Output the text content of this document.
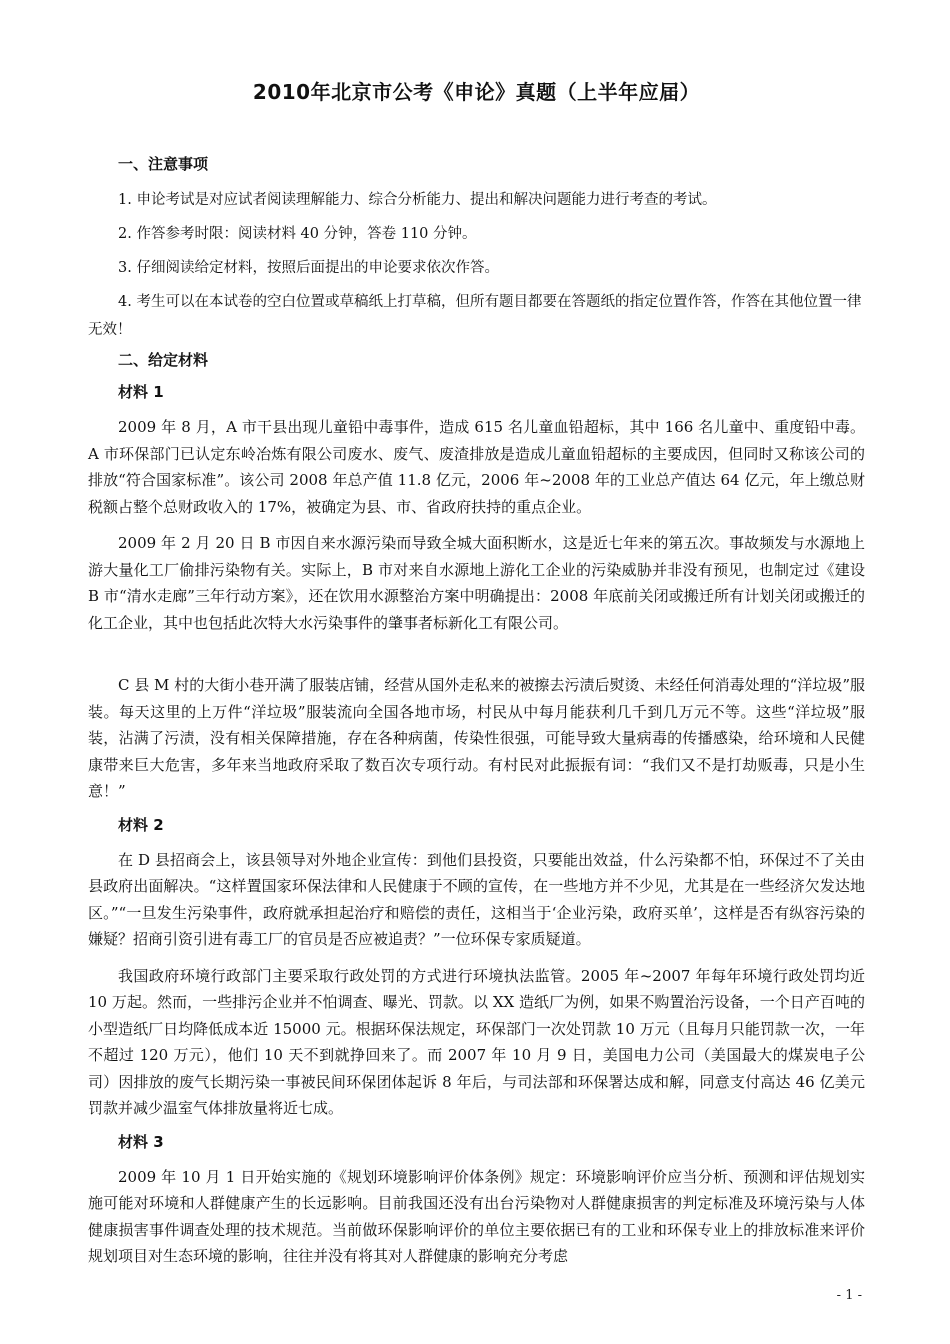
2010年北京市公考《申论》真题（上半年应届）
一、注意事项

1. 申论考试是对应试者阅读理解能力、综合分析能力、提出和解决问题能力进行考查的考试。

2. 作答参考时限：阅读材料 40 分钟，答卷 110 分钟。

3. 仔细阅读给定材料，按照后面提出的申论要求依次作答。

4. 考生可以在本试卷的空白位置或草稿纸上打草稿，但所有题目都要在答题纸的指定位置作答，作答在其他位置一律无效！

二、给定材料
材料 1

2009 年 8 月，A 市干县出现儿童铅中毒事件，造成 615 名儿童血铅超标，其中 166 名儿童中、重度铅中毒。A 市环保部门已认定东岭冶炼有限公司废水、废气、废渣排放是造成儿童血铅超标的主要成因，但同时又称该公司的排放“符合国家标准”。该公司 2008 年总产值 11.8 亿元，2006 年~2008 年的工业总产值达 64 亿元，年上缴总财税额占整个总财政收入的 17%，被确定为县、市、省政府扶持的重点企业。

2009 年 2 月 20 日 B 市因自来水源污染而导致全城大面积断水，这是近七年来的第五次。事故频发与水源地上游大量化工厂偷排污染物有关。实际上，B 市对来自水源地上游化工企业的污染威胁并非没有预见，也制定过《建设 B 市“清水走廊”三年行动方案》，还在饮用水源整治方案中明确提出：2008 年底前关闭或搬迁所有计划关闭或搬迁的化工企业，其中也包括此次特大水污染事件的肇事者标新化工有限公司。

C 县 M 村的大街小巷开满了服装店铺，经营从国外走私来的被擦去污渍后熨烫、未经任何消毒处理的“洋垃圾”服装。每天这里的上万件“洋垃圾”服装流向全国各地市场，村民从中每月能获利几千到几万元不等。这些“洋垃圾”服装，沾满了污渍，没有相关保障措施，存在各种病菌，传染性很强，可能导致大量病毒的传播感染，给环境和人民健康带来巨大危害，多年来当地政府采取了数百次专项行动。有村民对此振振有词：“我们又不是打劫贩毒，只是小生意！”

材料 2

在 D 县招商会上，该县领导对外地企业宣传：到他们县投资，只要能出效益，什么污染都不怕，环保过不了关由县政府出面解决。“这样置国家环保法律和人民健康于不顾的宣传，在一些地方并不少见，尤其是在一些经济欠发达地区。”“一旦发生污染事件，政府就承担起治疗和赔偿的责任，这相当于‘企业污染，政府买单’，这样是否有纵容污染的嫌疑？招商引资引进有毒工厂的官员是否应被追责？”一位环保专家质疑道。

我国政府环境行政部门主要采取行政处罚的方式进行环境执法监管。2005 年~2007 年每年环境行政处罚均近 10 万起。然而，一些排污企业并不怕调查、曝光、罚款。以 XX 造纸厂为例，如果不购置治污设备，一个日产百吨的小型造纸厂日均降低成本近 15000 元。根据环保法规定，环保部门一次处罚款 10 万元（且每月只能罚款一次，一年不超过 120 万元），他们 10 天不到就挣回来了。而 2007 年 10 月 9 日，美国电力公司（美国最大的煤炭电子公司）因排放的废气长期污染一事被民间环保团体起诉 8 年后，与司法部和环保署达成和解，同意支付高达 46 亿美元罚款并减少温室气体排放量将近七成。

材料 3

2009 年 10 月 1 日开始实施的《规划环境影响评价体条例》规定：环境影响评价应当分析、预测和评估规划实施可能对环境和人群健康产生的长远影响。目前我国还没有出台污染物对人群健康损害的判定标准及环境污染与人体健康损害事件调查处理的技术规范。当前做环保影响评价的单位主要依据已有的工业和环保专业上的排放标准来评价规划项目对生态环境的影响，往往并没有将其对人群健康的影响充分考虑

- 1 -
